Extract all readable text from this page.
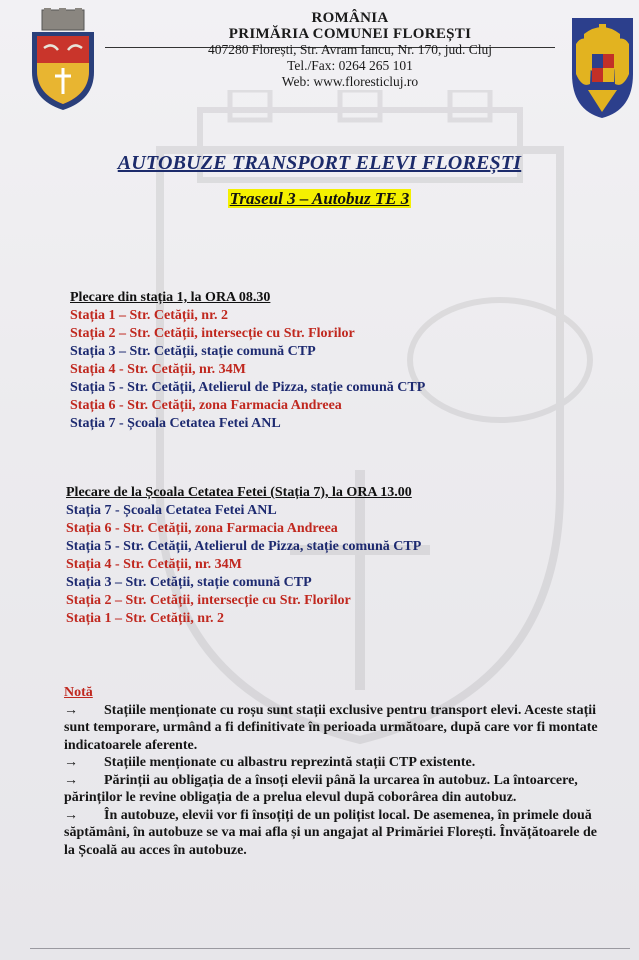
ROMÂNIA
PRIMĂRIA COMUNEI FLOREȘTI
407280 Florești, Str. Avram Iancu, Nr. 170, jud. Cluj
Tel./Fax: 0264 265 101
Web: www.floresticluj.ro
AUTOBUZE TRANSPORT ELEVI FLOREȘTI
Traseul 3 – Autobuz TE 3
Plecare din stația 1, la ORA 08.30
Stația 1 – Str. Cetății, nr. 2
Stația 2 – Str. Cetății, intersecție cu Str. Florilor
Stația 3 – Str. Cetății, stație comună CTP
Stația 4 - Str. Cetății, nr. 34M
Stația 5 - Str. Cetății, Atelierul de Pizza, stație comună CTP
Stația 6 - Str. Cetății, zona Farmacia Andreea
Stația 7 - Școala Cetatea Fetei ANL
Plecare de la Școala Cetatea Fetei (Stația 7), la ORA 13.00
Stația 7 - Școala Cetatea Fetei ANL
Stația 6 - Str. Cetății, zona Farmacia Andreea
Stația 5 - Str. Cetății, Atelierul de Pizza, stație comună CTP
Stația 4 - Str. Cetății, nr. 34M
Stația 3 – Str. Cetății, stație comună CTP
Stația 2 – Str. Cetății, intersecție cu Str. Florilor
Stația 1 – Str. Cetății, nr. 2
Notă

→ Stațiile menționate cu roșu sunt stații exclusive pentru transport elevi. Aceste stații sunt temporare, urmând a fi definitivate în perioada următoare, după care vor fi montate indicatoarele aferente.

→ Stațiile menționate cu albastru reprezintă stații CTP existente.

→ Părinții au obligația de a însoți elevii până la urcarea în autobuz. La întoarcere, părinților le revine obligația de a prelua elevul după coborârea din autobuz.

→ În autobuze, elevii vor fi însoțiți de un polițist local. De asemenea, în primele două săptămâni, în autobuze se va mai afla și un angajat al Primăriei Florești. Învățătoarele de la Școală au acces în autobuze.
